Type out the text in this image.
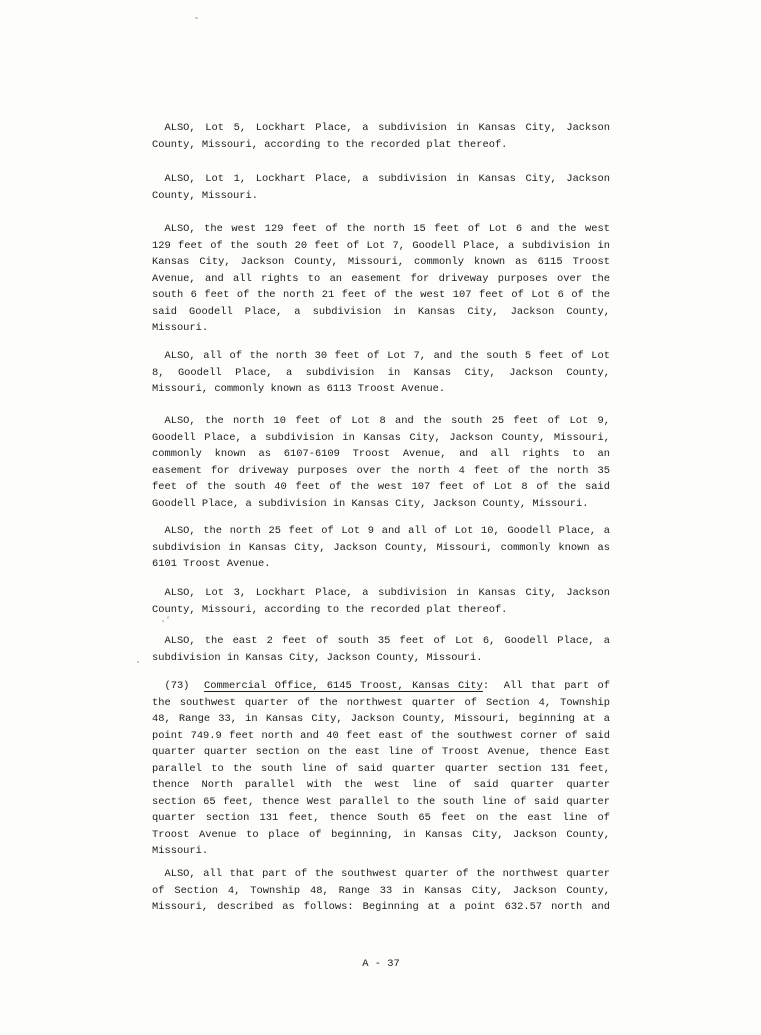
ALSO, Lot 5, Lockhart Place, a subdivision in Kansas City, Jackson
County, Missouri, according to the recorded plat thereof.
ALSO, Lot 1, Lockhart Place, a subdivision in Kansas City, Jackson
County, Missouri.
ALSO, the west 129 feet of the north 15 feet of Lot 6 and the west
129 feet of the south 20 feet of Lot 7, Goodell Place, a subdivision in
Kansas City, Jackson County, Missouri, commonly known as 6115 Troost
Avenue, and all rights to an easement for driveway purposes over the
south 6 feet of the north 21 feet of the west 107 feet of Lot 6 of the
said Goodell Place, a subdivision in Kansas City, Jackson County,
Missouri.
ALSO, all of the north 30 feet of Lot 7, and the south 5 feet of Lot
8, Goodell Place, a subdivision in Kansas City, Jackson County,
Missouri, commonly known as 6113 Troost Avenue.
ALSO, the north 10 feet of Lot 8 and the south 25 feet of Lot 9,
Goodell Place, a subdivision in Kansas City, Jackson County, Missouri,
commonly known as 6107-6109 Troost Avenue, and all rights to an
easement for driveway purposes over the north 4 feet of the north 35
feet of the south 40 feet of the west 107 feet of Lot 8 of the said
Goodell Place, a subdivision in Kansas City, Jackson County, Missouri.
ALSO, the north 25 feet of Lot 9 and all of Lot 10, Goodell Place, a
subdivision in Kansas City, Jackson County, Missouri, commonly known as
6101 Troost Avenue.
ALSO, Lot 3, Lockhart Place, a subdivision in Kansas City, Jackson
County, Missouri, according to the recorded plat thereof.
ALSO, the east 2 feet of south 35 feet of Lot 6, Goodell Place, a
subdivision in Kansas City, Jackson County, Missouri.
(73) Commercial Office, 6145 Troost, Kansas City: All that part of
the southwest quarter of the northwest quarter of Section 4, Township
48, Range 33, in Kansas City, Jackson County, Missouri, beginning at a
point 749.9 feet north and 40 feet east of the southwest corner of said
quarter quarter section on the east line of Troost Avenue, thence East
parallel to the south line of said quarter quarter section 131 feet,
thence North parallel with the west line of said quarter quarter
section 65 feet, thence West parallel to the south line of said quarter
quarter section 131 feet, thence South 65 feet on the east line of
Troost Avenue to place of beginning, in Kansas City, Jackson County,
Missouri.
ALSO, all that part of the southwest quarter of the northwest quarter
of Section 4, Township 48, Range 33 in Kansas City, Jackson County,
Missouri, described as follows: Beginning at a point 632.57 north and
A - 37
